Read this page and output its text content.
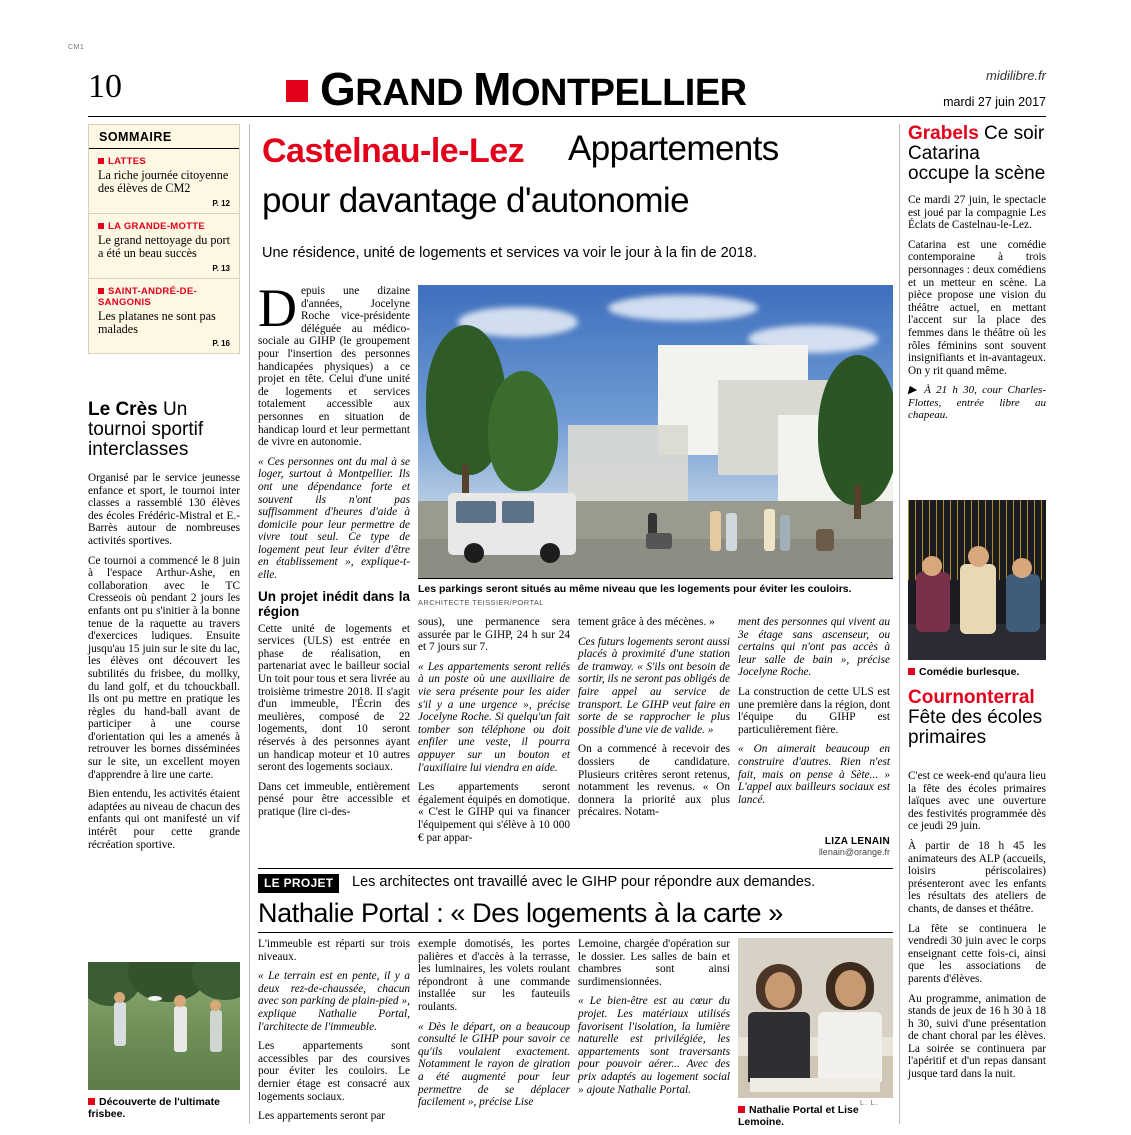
CM1
10	GRAND MONTPELLIER	midilibre.fr
mardi 27 juin 2017
SOMMAIRE
LATTES
La riche journée citoyenne des élèves de CM2
P. 12
LA GRANDE-MOTTE
Le grand nettoyage du port a été un beau succès
P. 13
SAINT-ANDRÉ-DE-SANGONIS
Les platanes ne sont pas malades
P. 16
Le Crès Un tournoi sportif interclasses

Organisé par le service jeunesse enfance et sport, le tournoi inter classes a rassemblé 130 élèves des écoles Frédéric-Mistral et E.-Barrès autour de nombreuses activités sportives.

Ce tournoi a commencé le 8 juin à l'espace Arthur-Ashe, en collaboration avec le TC Cresseois où pendant 2 jours les enfants ont pu s'initier à la bonne tenue de la raquette au travers d'exercices ludiques. Ensuite jusqu'au 15 juin sur le site du lac, les élèves ont découvert les subtilités du frisbee, du mollky, du land golf, et du tchouckball. Ils ont pu mettre en pratique les règles du hand-ball avant de participer à une course d'orientation qui les a amenés à retrouver les bornes disséminées sur le site, un excellent moyen d'apprendre à lire une carte.

Bien entendu, les activités étaient adaptées au niveau de chacun des enfants qui ont manifesté un vif intérêt pour cette grande récréation sportive.

Découverte de l'ultimate frisbee.
Castelnau-le-Lez Appartements
pour davantage d'autonomie
Une résidence, unité de logements et services va voir le jour à la fin de 2018.

Depuis une dizaine d'années, Jocelyne Roche vice-présidente déléguée au médico-sociale au GIHP (le groupement pour l'insertion des personnes handicapées physiques) a ce projet en tête. Celui d'une unité de logements et services totalement accessible aux personnes en situation de handicap lourd et leur permettant de vivre en autonomie.

« Ces personnes ont du mal à se loger, surtout à Montpellier. Ils ont une dépendance forte et souvent ils n'ont pas suffisamment d'heures d'aide à domicile pour leur permettre de vivre tout seul. Ce type de logement peut leur éviter d'être en établissement », explique-t-elle.

Un projet inédit dans la région

Cette unité de logements et services (ULS) est entrée en phase de réalisation, en partenariat avec le bailleur social Un toit pour tous et sera livrée au troisième trimestre 2018. Il s'agit d'un immeuble, l'Écrin des meulières, composé de 22 logements, dont 10 seront réservés à des personnes ayant un handicap moteur et 10 autres seront des logements sociaux.

Dans cet immeuble, entièrement pensé pour être accessible et pratique (lire ci-des-

Les parkings seront situés au même niveau que les logements pour éviter les couloirs.
ARCHITECTE TEISSIER/PORTAL

sous), une permanence sera assurée par le GIHP, 24 h sur 24 et 7 jours sur 7.

« Les appartements seront reliés à un poste où une auxiliaire de vie sera présente pour les aider s'il y a une urgence », précise Jocelyne Roche. Si quelqu'un fait tomber son téléphone ou doit enfiler une veste, il pourra appuyer sur un bouton et l'auxiliaire lui viendra en aide.

Les appartements seront également équipés en domotique. « C'est le GIHP qui va financer l'équipement qui s'élève à 10 000 € par appar-

tement grâce à des mécènes. »

Ces futurs logements seront aussi placés à proximité d'une station de tramway. « S'ils ont besoin de sortir, ils ne seront pas obligés de faire appel au service de transport. Le GIHP veut faire en sorte de se rapprocher le plus possible d'une vie de valide. »

On a commencé à recevoir des dossiers de candidature. Plusieurs critères seront retenus, notamment les revenus. « On donnera la priorité aux plus précaires. Notam-

ment des personnes qui vivent au 3e étage sans ascenseur, ou certains qui n'ont pas accès à leur salle de bain », précise Jocelyne Roche.

La construction de cette ULS est une première dans la région, dont l'équipe du GIHP est particulièrement fière.

« On aimerait beaucoup en construire d'autres. Rien n'est fait, mais on pense à Sète... » L'appel aux bailleurs sociaux est lancé.

LIZA LENAIN
llenain@orange.fr
LE PROJET	Les architectes ont travaillé avec le GIHP pour répondre aux demandes.
Nathalie Portal : « Des logements à la carte »

L'immeuble est réparti sur trois niveaux.

« Le terrain est en pente, il y a deux rez-de-chaussée, chacun avec son parking de plain-pied », explique Nathalie Portal, l'architecte de l'immeuble.

Les appartements sont accessibles par des coursives pour éviter les couloirs. Le dernier étage est consacré aux logements sociaux.

Les appartements seront par

exemple domotisés, les portes palières et d'accès à la terrasse, les luminaires, les volets roulant répondront à une commande installée sur les fauteuils roulants.

« Dès le départ, on a beaucoup consulté le GIHP pour savoir ce qu'ils voulaient exactement. Notamment le rayon de giration a été augmenté pour leur permettre de se déplacer facilement », précise Lise

Lemoine, chargée d'opération sur le dossier. Les salles de bain et chambres sont ainsi surdimensionnées.

« Le bien-être est au cœur du projet. Les matériaux utilisés favorisent l'isolation, la lumière naturelle est privilégiée, les appartements sont traversants pour pouvoir aérer... Avec des prix adaptés au logement social » ajoute Nathalie Portal.

L. L.
Nathalie Portal et Lise Lemoine.
Grabels Ce soir Catarina occupe la scène

Ce mardi 27 juin, le spectacle est joué par la compagnie Les Éclats de Castelnau-le-Lez.

Catarina est une comédie contemporaine à trois personnages : deux comédiens et un metteur en scène. La pièce propose une vision du théâtre actuel, en mettant l'accent sur la place des femmes dans le théâtre où les rôles féminins sont souvent insignifiants et in-avantageux. On y rit quand même.

▶ À 21 h 30, cour Charles-Flottes, entrée libre au chapeau.

Comédie burlesque.
Cournonterral
Fête des écoles primaires

C'est ce week-end qu'aura lieu la fête des écoles primaires laïques avec une ouverture des festivités programmée dès ce jeudi 29 juin.

À partir de 18 h 45 les animateurs des ALP (accueils, loisirs périscolaires) présenteront avec les enfants les résultats des ateliers de chants, de danses et théâtre.

La fête se continuera le vendredi 30 juin avec le corps enseignant cette fois-ci, ainsi que les associations de parents d'élèves.

Au programme, animation de stands de jeux de 16 h 30 à 18 h 30, suivi d'une présentation de chant choral par les élèves. La soirée se continuera par l'apéritif et d'un repas dansant jusque tard dans la nuit.
